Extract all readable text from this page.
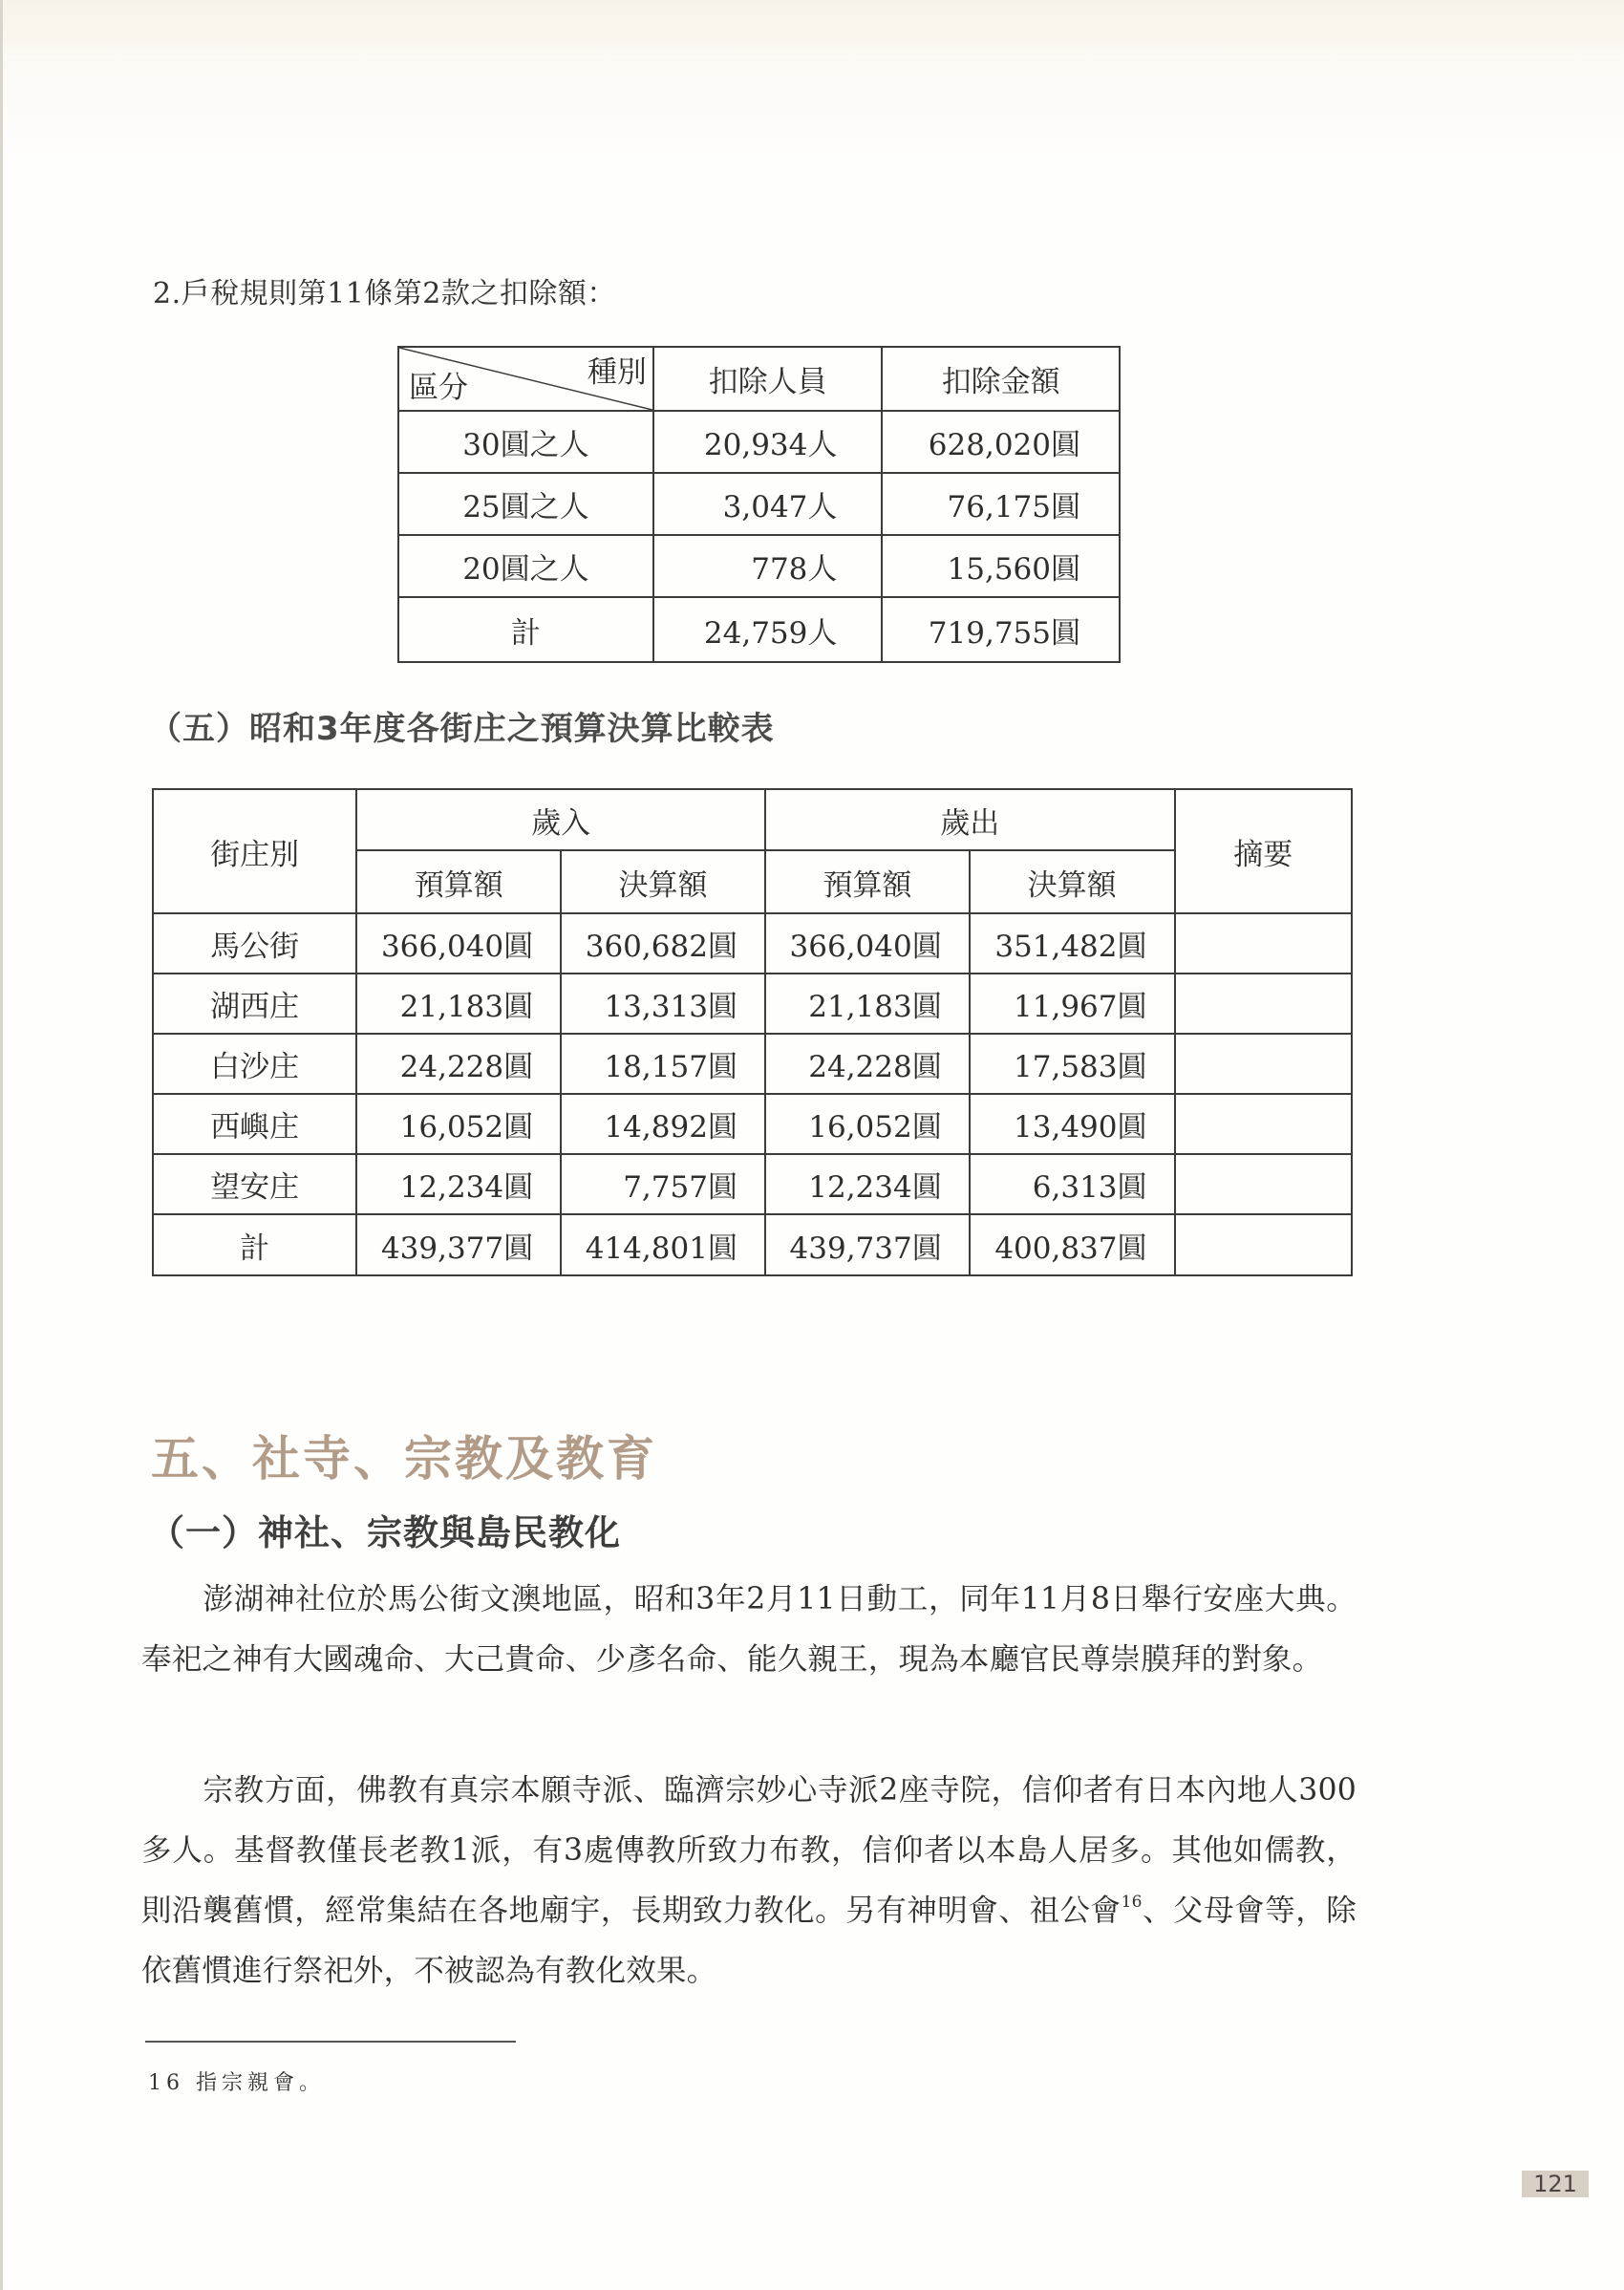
2.戶稅規則第11條第2款之扣除額：
種別
區分	扣除人員	扣除金額
30圓之人	20,934人	628,020圓
25圓之人	3,047人	76,175圓
20圓之人	778人	15,560圓
計	24,759人	719,755圓
（五）昭和3年度各街庄之預算決算比較表
街庄別	歲入		歲出		摘要
	預算額	決算額	預算額	決算額	
馬公街	366,040圓	360,682圓	366,040圓	351,482圓	
湖西庄	21,183圓	13,313圓	21,183圓	11,967圓	
白沙庄	24,228圓	18,157圓	24,228圓	17,583圓	
西嶼庄	16,052圓	14,892圓	16,052圓	13,490圓	
望安庄	12,234圓	7,757圓	12,234圓	6,313圓	
計	439,377圓	414,801圓	439,737圓	400,837圓	
五、社寺、宗教及教育
（一）神社、宗教與島民教化
澎湖神社位於馬公街文澳地區，昭和3年2月11日動工，同年11月8日舉行安座大典。奉祀之神有大國魂命、大己貴命、少彥名命、能久親王，現為本廳官民尊崇膜拜的對象。
宗教方面，佛教有真宗本願寺派、臨濟宗妙心寺派2座寺院，信仰者有日本內地人300多人。基督教僅長老教1派，有3處傳教所致力布教，信仰者以本島人居多。其他如儒教，則沿襲舊慣，經常集結在各地廟宇，長期致力教化。另有神明會、祖公會$^{16}$、父母會等，除依舊慣進行祭祀外，不被認為有教化效果。
16 指宗親會。
121
